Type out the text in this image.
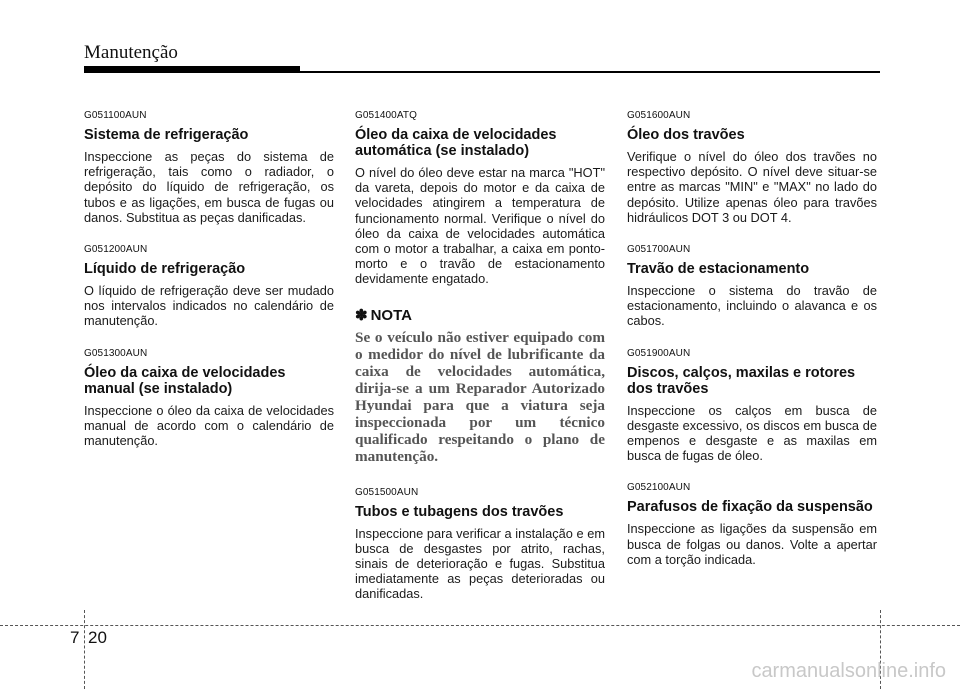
Manutenção
G051100AUN
Sistema de refrigeração
Inspeccione as peças do sistema de refrigeração, tais como o radiador, o depósito do líquido de refrigeração, os tubos e as ligações, em busca de fugas ou danos. Substitua as peças danificadas.
G051200AUN
Líquido de refrigeração
O líquido de refrigeração deve ser mudado nos intervalos indicados no calendário de manutenção.
G051300AUN
Óleo da caixa de velocidades manual (se instalado)
Inspeccione o óleo da caixa de velocidades manual de acordo com o calendário de manutenção.
G051400ATQ
Óleo da caixa de velocidades automática (se instalado)
O nível do óleo deve estar na marca "HOT" da vareta, depois do motor e da caixa de velocidades atingirem a temperatura de funcionamento normal. Verifique o nível do óleo da caixa de velocidades automática com o motor a trabalhar, a caixa em ponto-morto e o travão de estacionamento devidamente engatado.
✽ NOTA
Se o veículo não estiver equipado com o medidor do nível de lubrificante da caixa de velocidades automática, dirija-se a um Reparador Autorizado Hyundai para que a viatura seja inspeccionada por um técnico qualificado respeitando o plano de manutenção.
G051500AUN
Tubos e tubagens dos travões
Inspeccione para verificar a instalação e em busca de desgastes por atrito, rachas, sinais de deterioração e fugas. Substitua imediatamente as peças deterioradas ou danificadas.
G051600AUN
Óleo dos travões
Verifique o nível do óleo dos travões no respectivo depósito. O nível deve situar-se entre as marcas "MIN" e "MAX" no lado do depósito. Utilize apenas óleo para travões hidráulicos DOT 3 ou DOT 4.
G051700AUN
Travão de estacionamento
Inspeccione o sistema do travão de estacionamento, incluindo o alavanca e os cabos.
G051900AUN
Discos, calços, maxilas e rotores dos travões
Inspeccione os calços em busca de desgaste excessivo, os discos em busca de empenos e desgaste e as maxilas em busca de fugas de óleo.
G052100AUN
Parafusos de fixação da suspensão
Inspeccione as ligações da suspensão em busca de folgas ou danos. Volte a apertar com a torção indicada.
7 20
carmanualsonline.info
